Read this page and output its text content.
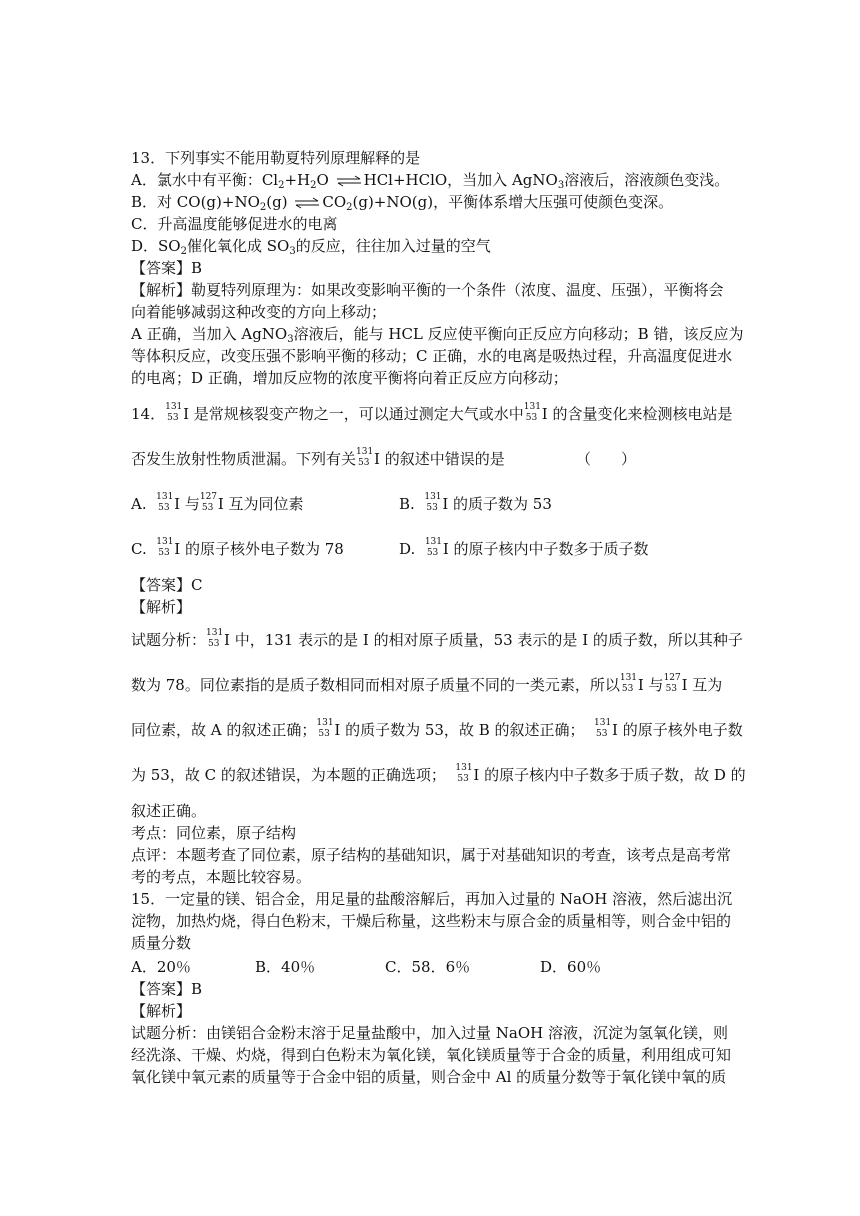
13．下列事实不能用勒夏特列原理解释的是
A．氯水中有平衡：$Cl_2+H_2O$ ⇌ HCl+HClO，当加入 AgNO$_3$溶液后，溶液颜色变浅。
B．对 $CO(g)+NO_2(g)$ ⇌ $CO_2(g)+NO(g)$，平衡体系增大压强可使颜色变深。
C．升高温度能够促进水的电离
D．$SO_2$催化氧化成 $SO_3$的反应，往往加入过量的空气
【答案】B
【解析】勒夏特列原理为：如果改变影响平衡的一个条件（浓度、温度、压强），平衡将会
向着能够减弱这种改变的方向上移动；
A 正确，当加入 AgNO$_3$溶液后，能与 HCL 反应使平衡向正反应方向移动；B 错，该反应为
等体积反应，改变压强不影响平衡的移动；C 正确，水的电离是吸热过程，升高温度促进水
的电离；D 正确，增加反应物的浓度平衡将向着正反应方向移动；
14． 131
53 I 是常规核裂变产物之一，可以通过测定大气或水中 131
53 I 的含量变化来检测核电站是
否发生放射性物质泄漏。下列有关 131
53 I 的叙述中错误的是	（　　）
A. 131
53 I 与 127
53 I 互为同位素	B. 131
53 I 的质子数为 53
C. 131
53 I 的原子核外电子数为 78	D. 131
53 I 的原子核内中子数多于质子数
【答案】C
【解析】
试题分析： 131
53 I 中，131 表示的是 I 的相对原子质量，53 表示的是 I 的质子数，所以其种子
数为 78。同位素指的是质子数相同而相对原子质量不同的一类元素，所以 131
53 I 与 127
53 I 互为
同位素，故 A 的叙述正确； 131
53 I 的质子数为 53，故 B 的叙述正确； 131
53 I 的原子核外电子数
为 53，故 C 的叙述错误，为本题的正确选项； 131
53 I 的原子核内中子数多于质子数，故 D 的
叙述正确。
考点：同位素，原子结构
点评：本题考查了同位素，原子结构的基础知识，属于对基础知识的考查，该考点是高考常
考的考点，本题比较容易。
15．一定量的镁、铝合金，用足量的盐酸溶解后，再加入过量的 NaOH 溶液，然后滤出沉
淀物，加热灼烧，得白色粉末，干燥后称量，这些粉末与原合金的质量相等，则合金中铝的
质量分数
A．20％	B．40％	C．58．6％	D．60％
【答案】B
【解析】
试题分析：由镁铝合金粉末溶于足量盐酸中，加入过量 NaOH 溶液，沉淀为氢氧化镁，则
经洗涤、干燥、灼烧，得到白色粉末为氧化镁，氧化镁质量等于合金的质量，利用组成可知
氧化镁中氧元素的质量等于合金中铝的质量，则合金中 Al 的质量分数等于氧化镁中氧的质
